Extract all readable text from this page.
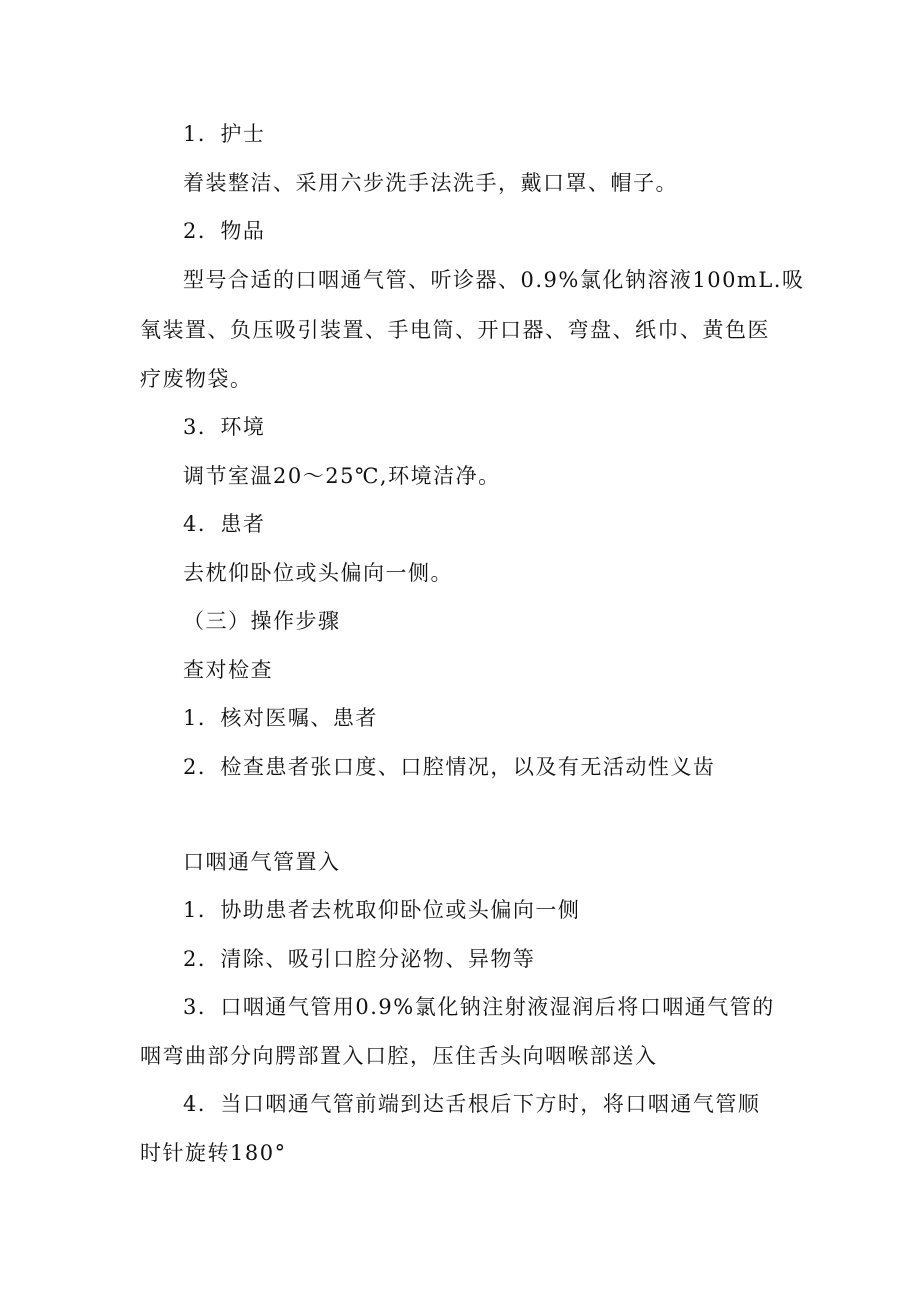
1．护士
着装整洁、采用六步洗手法洗手，戴口罩、帽子。
2．物品
型号合适的口咽通气管、听诊器、0.9%氯化钠溶液100mL.吸
氧装置、负压吸引装置、手电筒、开口器、弯盘、纸巾、黄色医
疗废物袋。
3．环境
调节室温20～25℃,环境洁净。
4．患者
去枕仰卧位或头偏向一侧。
（三）操作步骤
查对检查
1．核对医嘱、患者
2．检查患者张口度、口腔情况，以及有无活动性义齿
口咽通气管置入
1．协助患者去枕取仰卧位或头偏向一侧
2．清除、吸引口腔分泌物、异物等
3．口咽通气管用0.9%氯化钠注射液湿润后将口咽通气管的
咽弯曲部分向腭部置入口腔，压住舌头向咽喉部送入
4．当口咽通气管前端到达舌根后下方时，将口咽通气管顺
时针旋转180°
